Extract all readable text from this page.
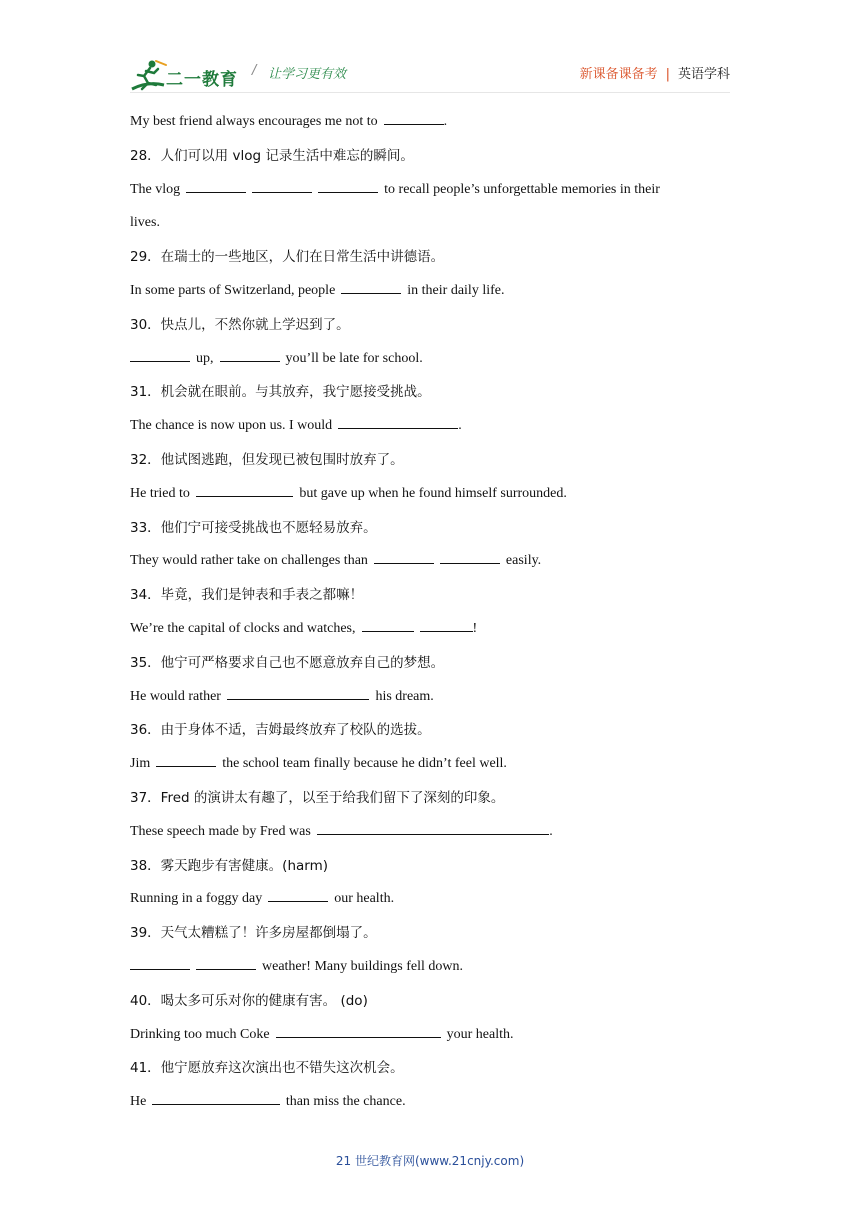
二一教育 / 让学习更有效	新课备课备考 | 英语学科
My best friend always encourages me not to	.
28．人们可以用 vlog 记录生活中难忘的瞬间。
The vlog	to recall people’s unforgettable memories in their
lives.
29．在瑞士的一些地区，人们在日常生活中讲德语。
In some parts of Switzerland, people	in their daily life.
30．快点儿，不然你就上学迟到了。
up,	you’ll be late for school.
31．机会就在眼前。与其放弃，我宁愿接受挑战。
The chance is now upon us. I would	.
32．他试图逃跑，但发现已被包围时放弃了。
He tried to	but gave up when he found himself surrounded.
33．他们宁可接受挑战也不愿轻易放弃。
They would rather take on challenges than	easily.
34．毕竟，我们是钟表和手表之都嘛！
We’re the capital of clocks and watches,	!
35．他宁可严格要求自己也不愿意放弃自己的梦想。
He would rather	his dream.
36．由于身体不适，吉姆最终放弃了校队的选拔。
Jim	the school team finally because he didn’t feel well.
37．Fred 的演讲太有趣了，以至于给我们留下了深刻的印象。
These speech made by Fred was	.
38．雾天跑步有害健康。(harm)
Running in a foggy day	our health.
39．天气太糟糕了！许多房屋都倒塌了。
weather! Many buildings fell down.
40．喝太多可乐对你的健康有害。 (do)
Drinking too much Coke	your health.
41．他宁愿放弃这次演出也不错失这次机会。
He	than miss the chance.
21 世纪教育网(www.21cnjy.com)
